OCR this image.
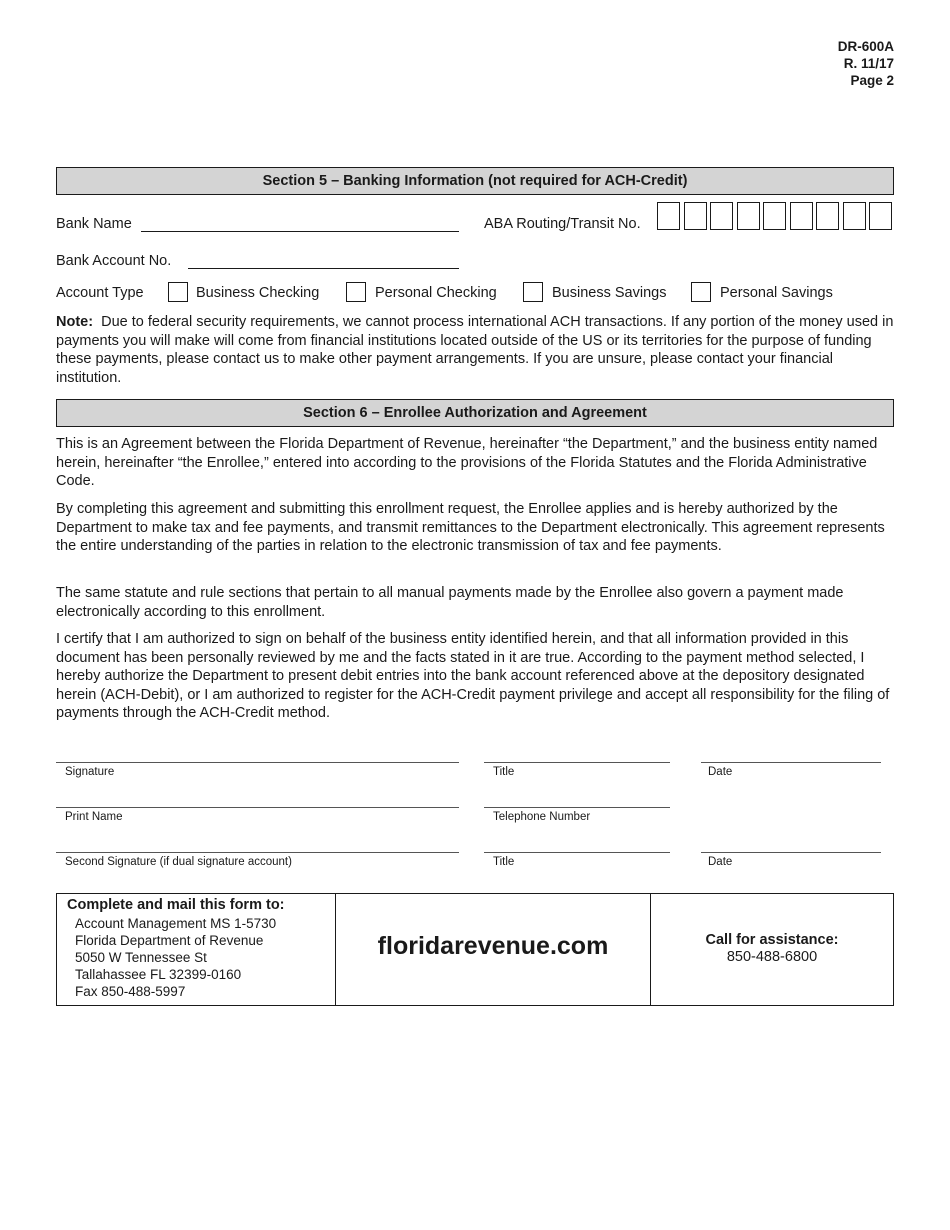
DR-600A
R. 11/17
Page 2
Section 5 – Banking Information (not required for ACH-Credit)
Bank Name	ABA Routing/Transit No.
Bank Account No.
Account Type	Business Checking	Personal Checking	Business Savings	Personal Savings

Note: Due to federal security requirements, we cannot process international ACH transactions. If any portion of the money used in payments you will make will come from financial institutions located outside of the US or its territories for the purpose of funding these payments, please contact us to make other payment arrangements. If you are unsure, please contact your financial institution.

Section 6 – Enrollee Authorization and Agreement

This is an Agreement between the Florida Department of Revenue, hereinafter “the Department,” and the business entity named herein, hereinafter “the Enrollee,” entered into according to the provisions of the Florida Statutes and the Florida Administrative Code.

By completing this agreement and submitting this enrollment request, the Enrollee applies and is hereby authorized by the Department to make tax and fee payments, and transmit remittances to the Department electronically. This agreement represents the entire understanding of the parties in relation to the electronic transmission of tax and fee payments.

The same statute and rule sections that pertain to all manual payments made by the Enrollee also govern a payment made electronically according to this enrollment.

I certify that I am authorized to sign on behalf of the business entity identified herein, and that all information provided in this document has been personally reviewed by me and the facts stated in it are true. According to the payment method selected, I hereby authorize the Department to present debit entries into the bank account referenced above at the depository designated herein (ACH-Debit), or I am authorized to register for the ACH-Credit payment privilege and accept all responsibility for the filing of payments through the ACH-Credit method.

Signature	Title	Date
Print Name	Telephone Number
Second Signature (if dual signature account)	Title	Date
Complete and mail this form to:
Account Management MS 1-5730
Florida Department of Revenue
5050 W Tennessee St
Tallahassee FL 32399-0160
Fax 850-488-5997
floridarevenue.com	Call for assistance:
850-488-6800
